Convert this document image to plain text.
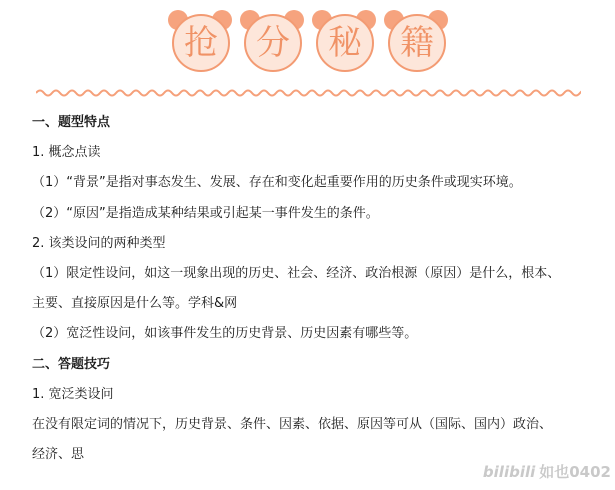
抢	分	秘	籍

一、题型特点

1. 概念点读

（1）“背景”是指对事态发生、发展、存在和变化起重要作用的历史条件或现实环境。

（2）“原因”是指造成某种结果或引起某一事件发生的条件。

2. 该类设问的两种类型

（1）限定性设问，如这一现象出现的历史、社会、经济、政治根源（原因）是什么，根本、

主要、直接原因是什么等。学科&网

（2）宽泛性设问，如该事件发生的历史背景、历史因素有哪些等。

二、答题技巧

1. 宽泛类设问

在没有限定词的情况下，历史背景、条件、因素、依据、原因等可从（国际、国内）政治、

经济、思

bilibili 如也0402
